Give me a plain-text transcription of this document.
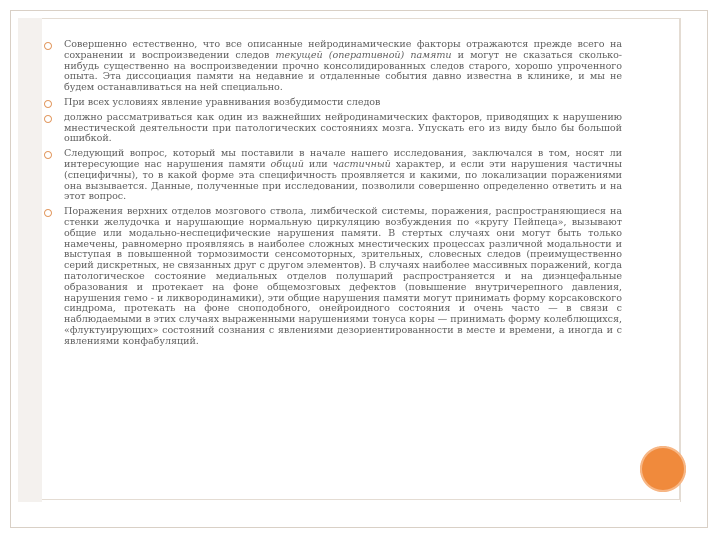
Совершенно естественно, что все описанные нейродинамические факторы отражаются прежде всего на сохранении и воспроизведении следов текущей (оперативной) памяти и могут не сказаться сколько-нибудь существенно на воспроизведении прочно консолидированных следов старого, хорошо упроченного опыта. Эта диссоциация памяти на недавние и отдаленные события давно известна в клинике, и мы не будем останавливаться на ней специально.

При всех условиях явление уравнивания возбудимости следов

должно рассматриваться как один из важнейших нейродинамических факторов, приводящих к нарушению мнестической деятельности при патологических состояниях мозга. Упускать его из виду было бы большой ошибкой.

Следующий вопрос, который мы поставили в начале нашего исследования, заключался в том, носят ли интересующие нас нарушения памяти общий или частичный характер, и если эти нарушения частичны (специфичны), то в какой форме эта специфичность проявляется и какими, по локализации поражениями она вызывается. Данные, полученные при исследовании, позволили совершенно определенно ответить и на этот вопрос.

Поражения верхних отделов мозгового ствола, лимбической системы, поражения, распространяющиеся на стенки желудочка и нарушающие нормальную циркуляцию возбуждения по «кругу Пейпеца», вызывают общие или модально-неспецифические нарушения памяти. В стертых случаях они могут быть только намечены, равномерно проявляясь в наиболее сложных мнестических процессах различной модальности и выступая в повышенной тормозимости сенсомоторных, зрительных, словесных следов (преимущественно серий дискретных, не связанных друг с другом элементов). В случаях наиболее массивных поражений, когда патологическое состояние медиальных отделов полушарий распространяется и на диэнцефальные образования и протекает на фоне общемозговых дефектов (повышение внутричерепного давления, нарушения гемо - и ликвородинамики), эти общие нарушения памяти могут принимать форму корсаковского синдрома, протекать на фоне сноподобного, онейроидного состояния и очень часто — в связи с наблюдаемыми в этих случаях выраженными нарушениями тонуса коры — принимать форму колеблющихся, «флуктуирующих» состояний сознания с явлениями дезориентированности в месте и времени, а иногда и с явлениями конфабуляций.
